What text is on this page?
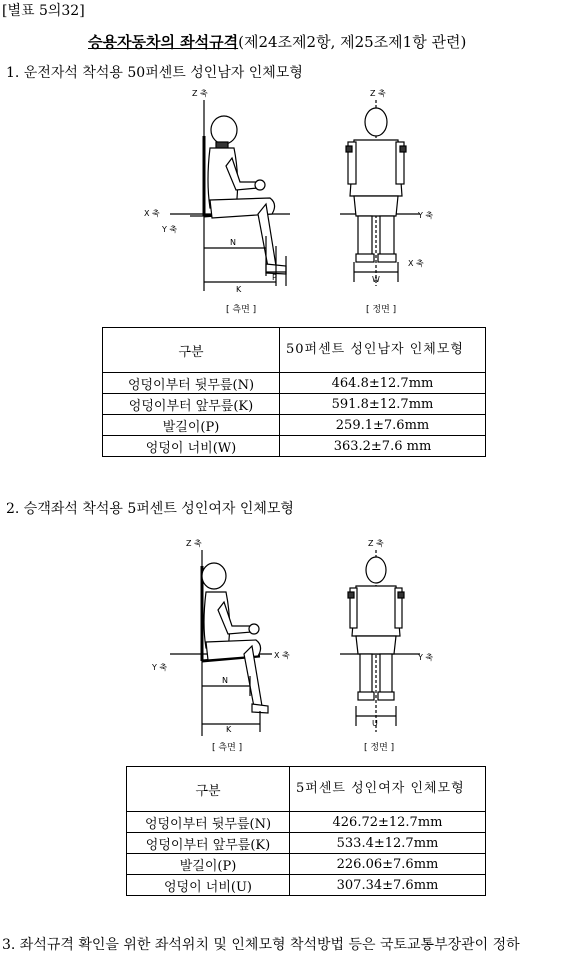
[별표 5의32]
승용자동차의 좌석규격(제24조제2항, 제25조제1항 관련)
1. 운전자석 착석용 50퍼센트 성인남자 인체모형
Z 축
X 축
Y 축
N
K
P
Z 축
Y 축
X 축
W
[ 측면 ]	[ 정면 ]
구분	50퍼센트 성인남자 인체모형
엉덩이부터 뒷무릎(N)	464.8±12.7mm
엉덩이부터 앞무릎(K)	591.8±12.7mm
발길이(P)	259.1±7.6mm
엉덩이 너비(W)	363.2±7.6 mm
2. 승객좌석 착석용 5퍼센트 성인여자 인체모형
Z 축
X 축
Y 축
N
K
Z 축
Y 축
U
[ 측면 ]	[ 정면 ]
구분	5퍼센트 성인여자 인체모형
엉덩이부터 뒷무릎(N)	426.72±12.7mm
엉덩이부터 앞무릎(K)	533.4±12.7mm
발길이(P)	226.06±7.6mm
엉덩이 너비(U)	307.34±7.6mm
3. 좌석규격 확인을 위한 좌석위치 및 인체모형 착석방법 등은 국토교통부장관이 정하
